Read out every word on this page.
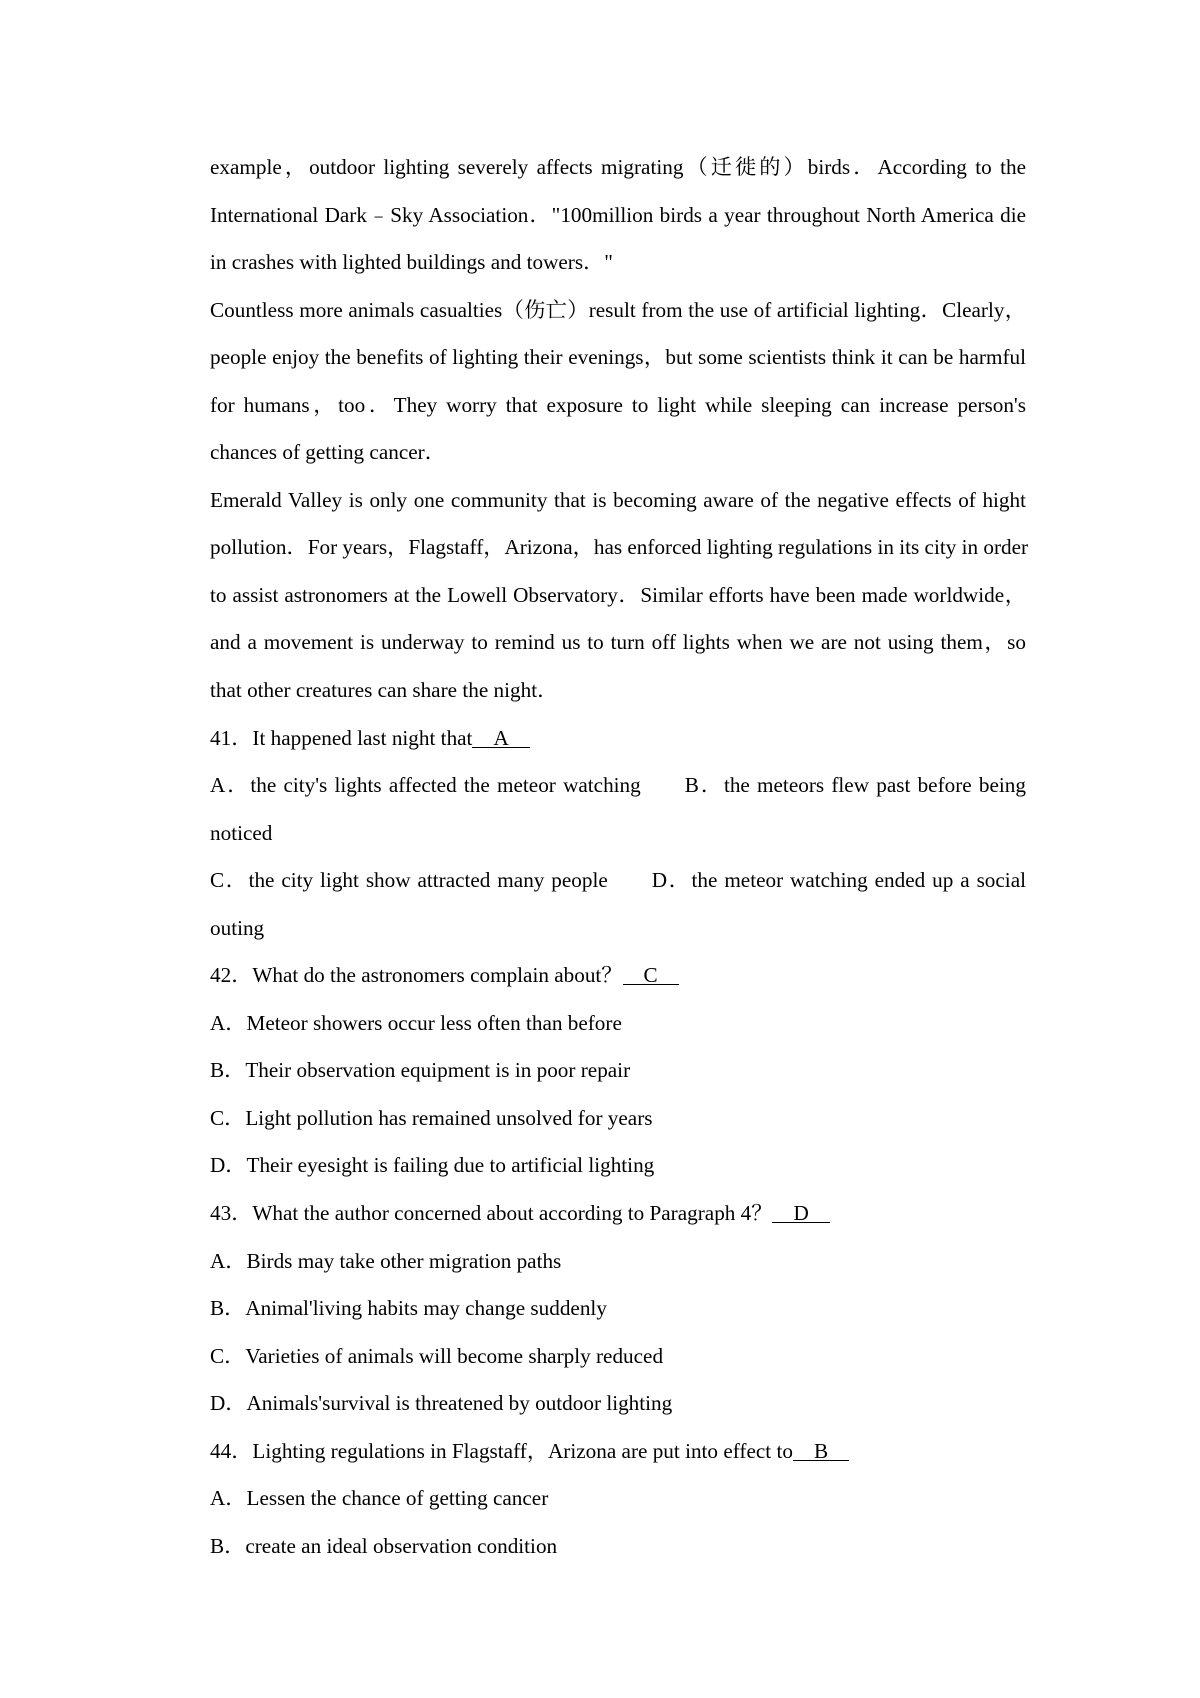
example，outdoor lighting severely affects migrating（迁徙的）birds．According to the
International Dark﹣Sky Association．"100million birds a year throughout North America die
in crashes with lighted buildings and towers．"
Countless more animals casualties（伤亡）result from the use of artificial lighting．Clearly，
people enjoy the benefits of lighting their evenings，but some scientists think it can be harmful
for humans，too．They worry that exposure to light while sleeping can increase person's
chances of getting cancer．
Emerald Valley is only one community that is becoming aware of the negative effects of hight
pollution．For years，Flagstaff，Arizona，has enforced lighting regulations in its city in order
to assist astronomers at the Lowell Observatory．Similar efforts have been made worldwide，
and a movement is underway to remind us to turn off lights when we are not using them，so
that other creatures can share the night．
41．It happened last night that A
A．the city's lights affected the meteor watching B．the meteors flew past before being noticed
C．the city light show attracted many people D．the meteor watching ended up a social outing
42．What do the astronomers complain about？ C
A．Meteor showers occur less often than before
B．Their observation equipment is in poor repair
C．Light pollution has remained unsolved for years
D．Their eyesight is failing due to artificial lighting
43．What the author concerned about according to Paragraph 4？ D
A．Birds may take other migration paths
B．Animal'living habits may change suddenly
C．Varieties of animals will become sharply reduced
D．Animals'survival is threatened by outdoor lighting
44．Lighting regulations in Flagstaff，Arizona are put into effect to B
A．Lessen the chance of getting cancer
B．create an ideal observation condition
